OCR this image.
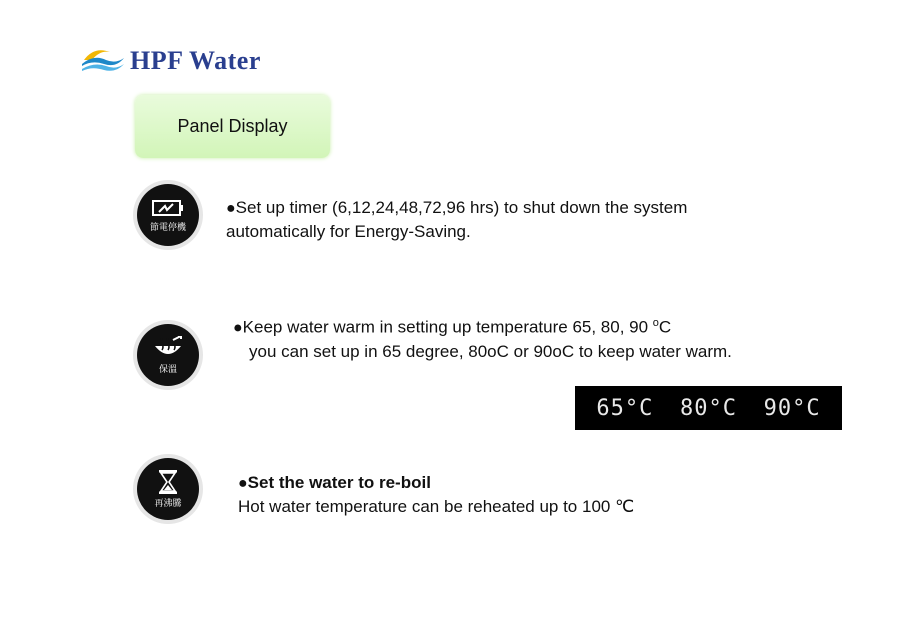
HPF Water
Panel Display
節電停機
●Set up timer (6,12,24,48,72,96 hrs) to shut down the system
automatically for Energy-Saving.
保溫
●Keep water warm in setting up temperature 65, 80, 90 $^o$C
you can set up in 65 degree, 80oC or 90oC to keep water warm.
65°C 80°C 90°C
再沸騰
●Set the water to re-boil
Hot water temperature can be reheated up to 100 ℃
